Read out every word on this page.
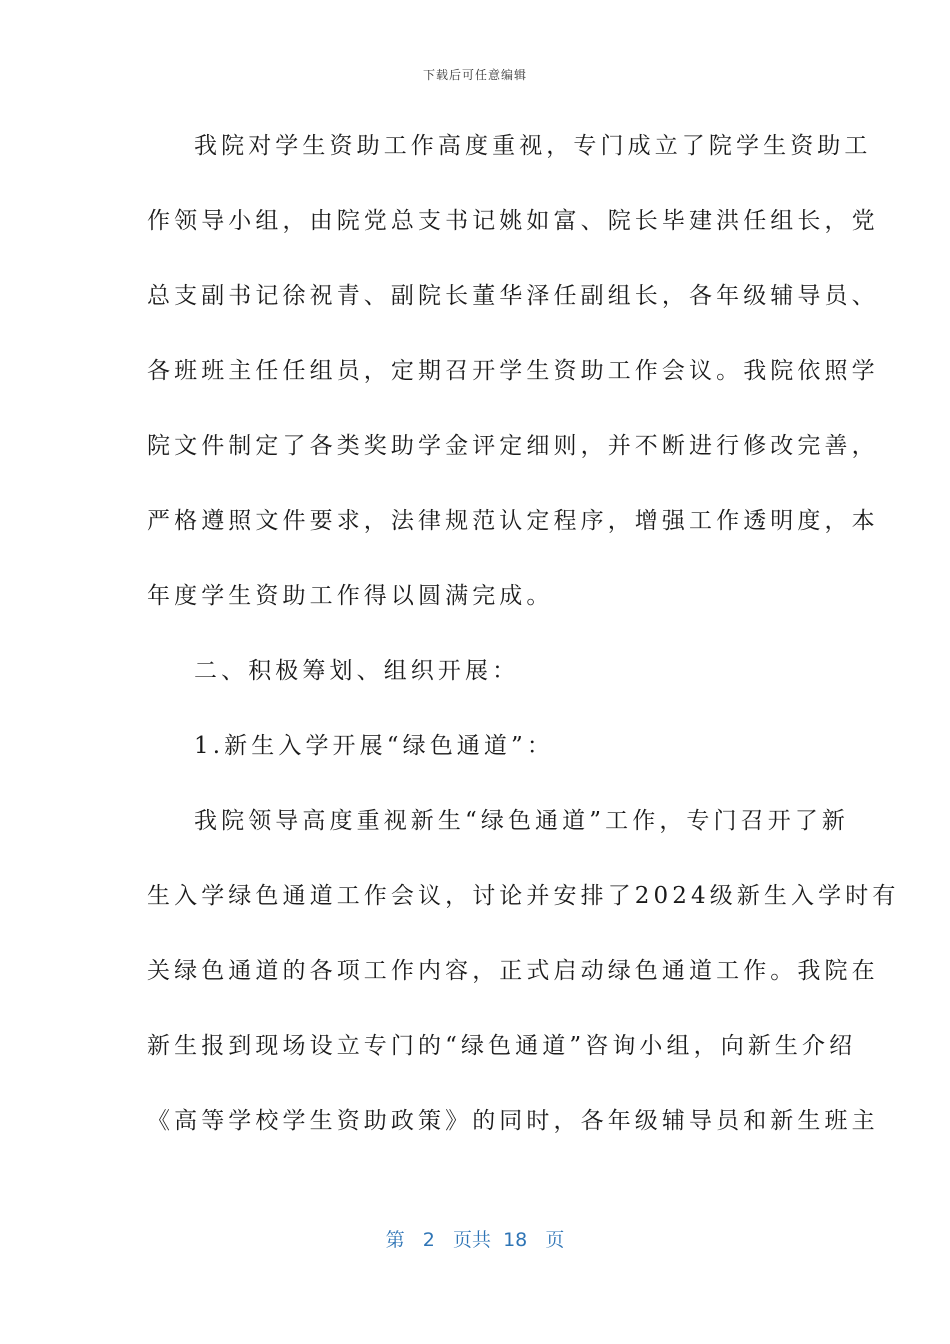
下载后可任意编辑
我院对学生资助工作高度重视，专门成立了院学生资助工
作领导小组，由院党总支书记姚如富、院长毕建洪任组长，党
总支副书记徐祝青、副院长董华泽任副组长，各年级辅导员、
各班班主任任组员，定期召开学生资助工作会议。我院依照学
院文件制定了各类奖助学金评定细则，并不断进行修改完善，
严格遵照文件要求，法律规范认定程序，增强工作透明度，本
年度学生资助工作得以圆满完成。
二、积极筹划、组织开展：
1.新生入学开展“绿色通道”：
我院领导高度重视新生“绿色通道”工作，专门召开了新
生入学绿色通道工作会议，讨论并安排了2024级新生入学时有
关绿色通道的各项工作内容，正式启动绿色通道工作。我院在
新生报到现场设立专门的“绿色通道”咨询小组，向新生介绍
《高等学校学生资助政策》的同时，各年级辅导员和新生班主
第 2 页共 18 页
